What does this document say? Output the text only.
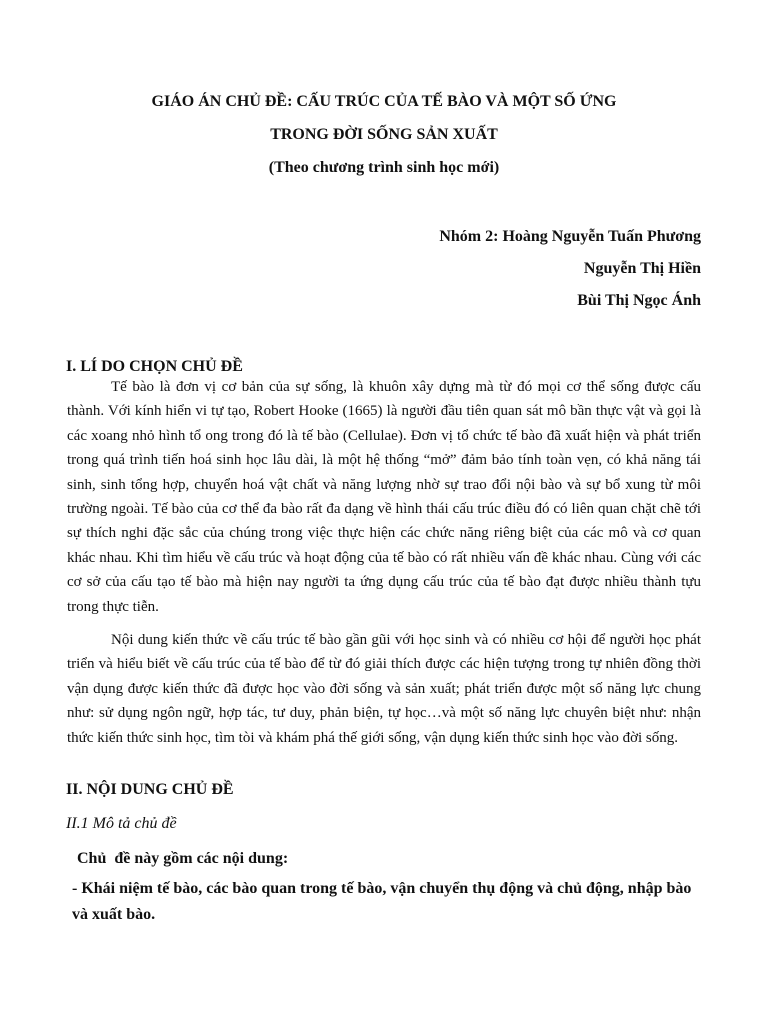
GIÁO ÁN CHỦ ĐỀ: CẤU TRÚC CỦA TẾ BÀO VÀ MỘT SỐ ỨNG

TRONG ĐỜI SỐNG SẢN XUẤT

(Theo chương trình sinh học mới)

Nhóm 2: Hoàng Nguyễn Tuấn Phương

Nguyễn Thị Hiền

Bùi Thị Ngọc Ánh

I. LÍ DO CHỌN CHỦ ĐỀ

Tế bào là đơn vị cơ bản của sự sống, là khuôn xây dựng mà từ đó mọi cơ thể sống được cấu thành. Với kính hiển vi tự tạo, Robert Hooke (1665) là người đầu tiên quan sát mô bần thực vật và gọi là các xoang nhỏ hình tổ ong trong đó là tế bào (Cellulae). Đơn vị tổ chức tế bào đã xuất hiện và phát triển trong quá trình tiến hoá sinh học lâu dài, là một hệ thống “mở” đảm bảo tính toàn vẹn, có khả năng tái sinh, sinh tổng hợp, chuyển hoá vật chất và năng lượng nhờ sự trao đổi nội bào và sự bổ xung từ môi trường ngoài. Tế bào của cơ thể đa bào rất đa dạng về hình thái cấu trúc điều đó có liên quan chặt chẽ tới sự thích nghi đặc sắc của chúng trong việc thực hiện các chức năng riêng biệt của các mô và cơ quan khác nhau. Khi tìm hiểu về cấu trúc và hoạt động của tế bào có rất nhiều vấn đề khác nhau. Cùng với các cơ sở của cấu tạo tế bào mà hiện nay người ta ứng dụng cấu trúc của tế bào đạt được nhiều thành tựu trong thực tiễn.

Nội dung kiến thức về cấu trúc tế bào gần gũi với học sinh và có nhiều cơ hội để người học phát triển và hiểu biết về cấu trúc của tế bào để từ đó giải thích được các hiện tượng trong tự nhiên đồng thời vận dụng được kiến thức đã được học vào đời sống và sản xuất; phát triển được một số năng lực chung như: sử dụng ngôn ngữ, hợp tác, tư duy, phản biện, tự học…và một số năng lực chuyên biệt như: nhận thức kiến thức sinh học, tìm tòi và khám phá thế giới sống, vận dụng kiến thức sinh học vào đời sống.

II. NỘI DUNG CHỦ ĐỀ

II.1 Mô tả chủ đề

Chủ  đề này gồm các nội dung:

- Khái niệm tế bào, các bào quan trong tế bào, vận chuyển thụ động và chủ động, nhập bào và xuất bào.
